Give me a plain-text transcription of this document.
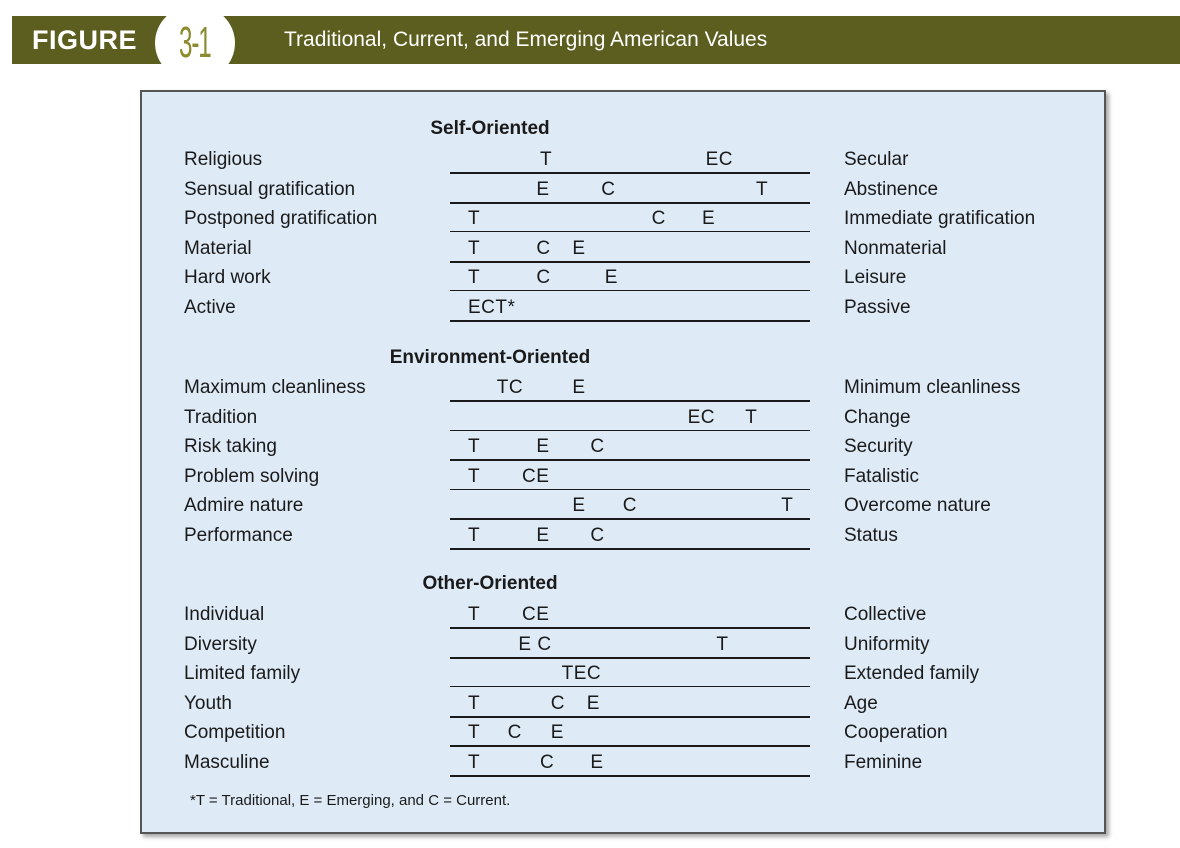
FIGURE	Traditional, Current, and Emerging American Values
3-1
Self-Oriented
Religious	T	EC	Secular
Sensual gratification	E	C	T	Abstinence
Postponed gratification	T	C E	Immediate gratification
Material	T	C E	Nonmaterial
Hard work	T	C	E	Leisure
Active	ECT*	Passive
Environment-Oriented
Maximum cleanliness	TC	E	Minimum cleanliness
Tradition	EC T	Change
Risk taking	T	E C	Security
Problem solving	T CE	Fatalistic
Admire nature	E C	T	Overcome nature
Performance	T	E C	Status
Other-Oriented
Individual	T CE	Collective
Diversity	E C	T	Uniformity
Limited family	TEC	Extended family
Youth	T	C E	Age
Competition	T C E	Cooperation
Masculine	T	C E	Feminine
*T = Traditional, E = Emerging, and C = Current.
